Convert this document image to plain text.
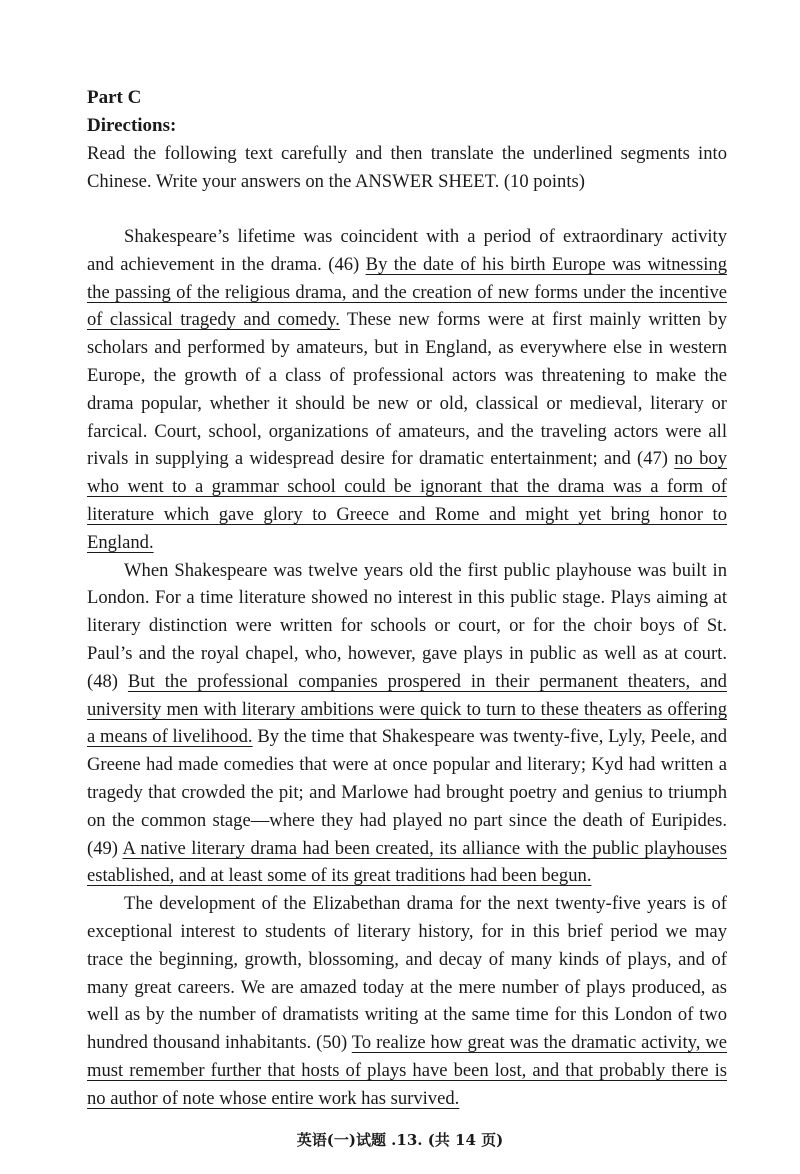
Part C
Directions:
Read the following text carefully and then translate the underlined segments into Chinese. Write your answers on the ANSWER SHEET. (10 points)

Shakespeare’s lifetime was coincident with a period of extraordinary activity and achievement in the drama. (46) By the date of his birth Europe was witnessing the passing of the religious drama, and the creation of new forms under the incentive of classical tragedy and comedy. These new forms were at first mainly written by scholars and performed by amateurs, but in England, as everywhere else in western Europe, the growth of a class of professional actors was threatening to make the drama popular, whether it should be new or old, classical or medieval, literary or farcical. Court, school, organizations of amateurs, and the traveling actors were all rivals in supplying a widespread desire for dramatic entertainment; and (47) no boy who went to a grammar school could be ignorant that the drama was a form of literature which gave glory to Greece and Rome and might yet bring honor to England.

When Shakespeare was twelve years old the first public playhouse was built in London. For a time literature showed no interest in this public stage. Plays aiming at literary distinction were written for schools or court, or for the choir boys of St. Paul’s and the royal chapel, who, however, gave plays in public as well as at court. (48) But the professional companies prospered in their permanent theaters, and university men with literary ambitions were quick to turn to these theaters as offering a means of livelihood. By the time that Shakespeare was twenty-five, Lyly, Peele, and Greene had made comedies that were at once popular and literary; Kyd had written a tragedy that crowded the pit; and Marlowe had brought poetry and genius to triumph on the common stage—where they had played no part since the death of Euripides. (49) A native literary drama had been created, its alliance with the public playhouses established, and at least some of its great traditions had been begun.

The development of the Elizabethan drama for the next twenty-five years is of exceptional interest to students of literary history, for in this brief period we may trace the beginning, growth, blossoming, and decay of many kinds of plays, and of many great careers. We are amazed today at the mere number of plays produced, as well as by the number of dramatists writing at the same time for this London of two hundred thousand inhabitants. (50) To realize how great was the dramatic activity, we must remember further that hosts of plays have been lost, and that probably there is no author of note whose entire work has survived.

英语(一)试题 .13. (共 14 页)
